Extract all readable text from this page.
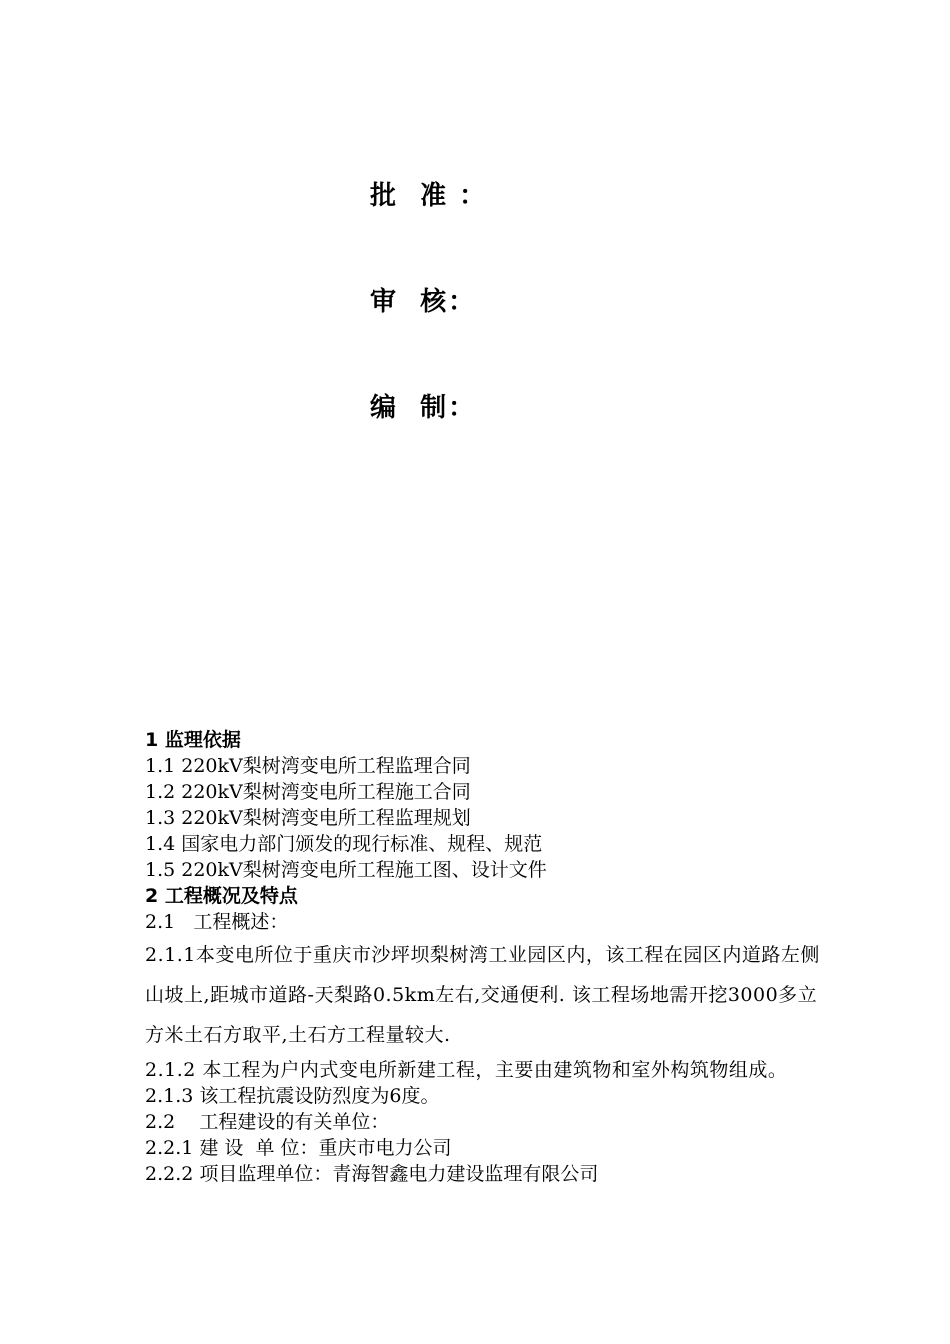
批  准 ：
审  核：
编  制：
1 监理依据
1.1 220kV梨树湾变电所工程监理合同
1.2 220kV梨树湾变电所工程施工合同
1.3 220kV梨树湾变电所工程监理规划
1.4 国家电力部门颁发的现行标准、规程、规范
1.5 220kV梨树湾变电所工程施工图、设计文件
2 工程概况及特点
2.1   工程概述：
2.1.1本变电所位于重庆市沙坪坝梨树湾工业园区内，该工程在园区内道路左侧山坡上,距城市道路-天梨路0.5km左右,交通便利. 该工程场地需开挖3000多立方米土石方取平,土石方工程量较大.
2.1.2 本工程为户内式变电所新建工程，主要由建筑物和室外构筑物组成。
2.1.3 该工程抗震设防烈度为6度。
2.2    工程建设的有关单位：
2.2.1 建 设  单 位：重庆市电力公司
2.2.2 项目监理单位：青海智鑫电力建设监理有限公司
